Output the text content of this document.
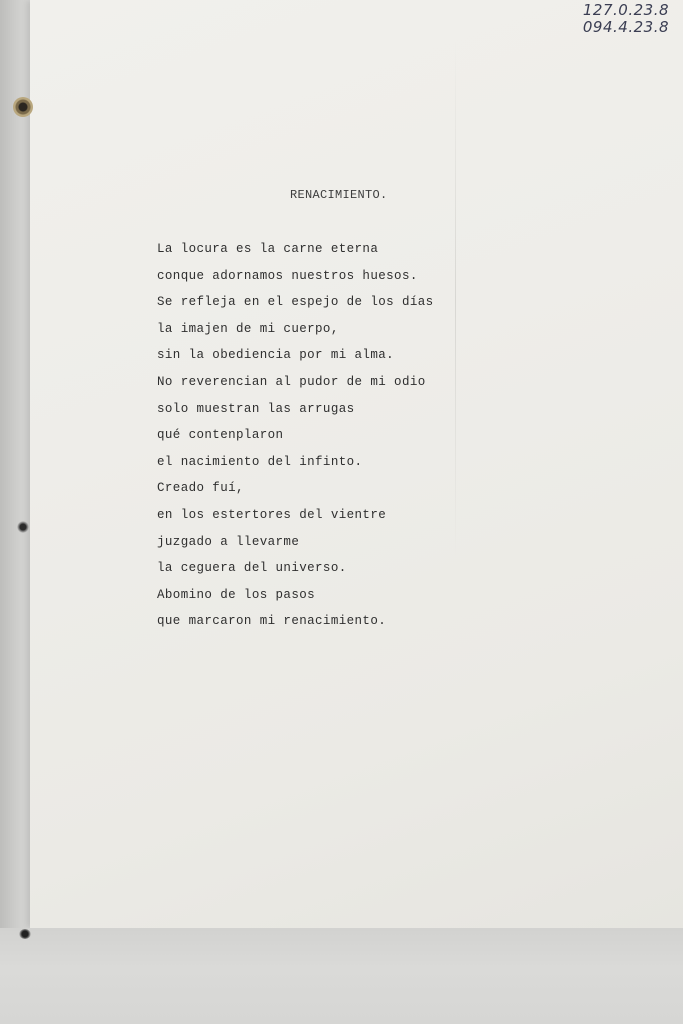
127.0.23.8
094.4.23.8
RENACIMIENTO.
La locura es la carne eterna
conque adornamos nuestros huesos.
Se refleja en el espejo de los días
la imajen de mi cuerpo,
sin la obediencia por mi alma.
No reverencian al pudor de mi odio
solo muestran las arrugas
qué contenplaron
el nacimiento del infinto.
Creado fuí,
en los estertores del vientre
juzgado a llevarme
la ceguera del universo.
Abomino de los pasos
que marcaron mi renacimiento.
